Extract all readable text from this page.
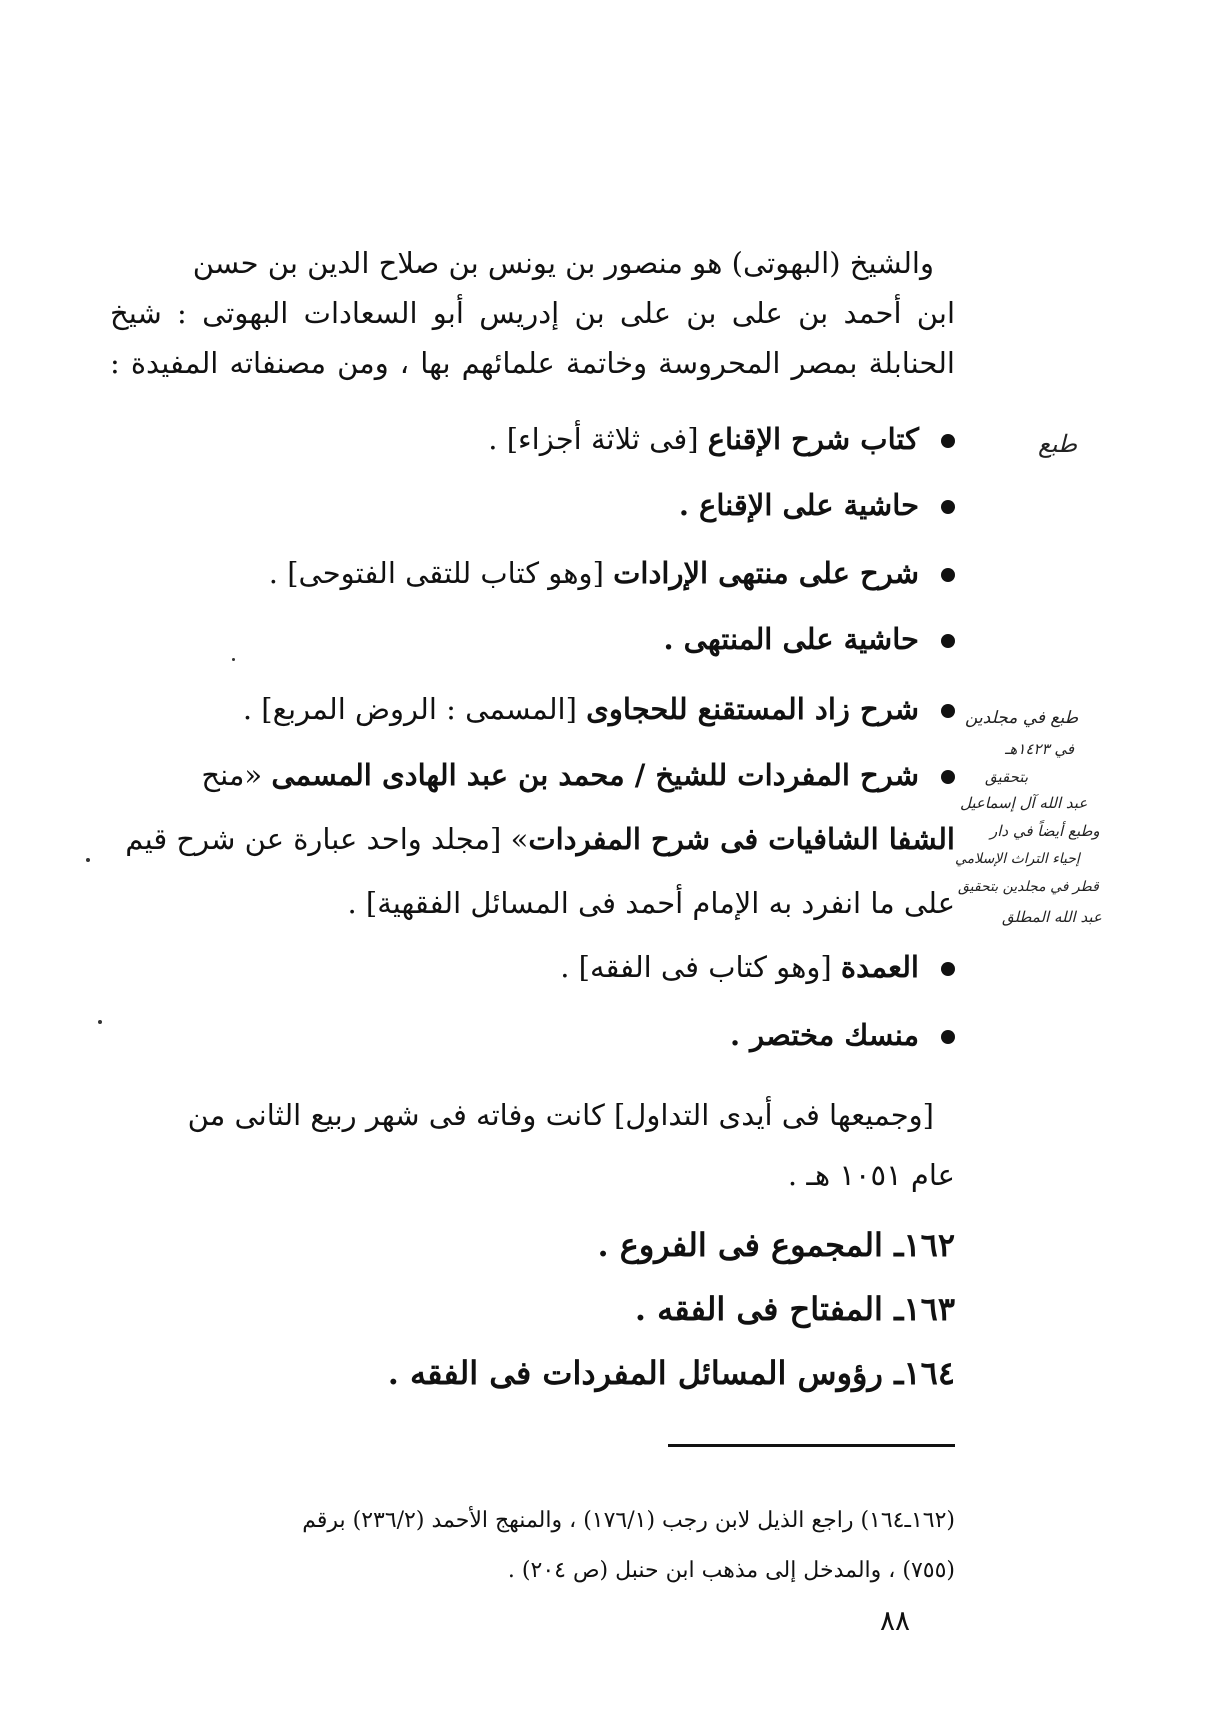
والشيخ (البهوتى) هو منصور بن يونس بن صلاح الدين بن حسن
ابن أحمد بن على بن على بن إدريس أبو السعادات البهوتى : شيخ
الحنابلة بمصر المحروسة وخاتمة علمائهم بها ، ومن مصنفاته المفيدة :
كتاب شرح الإقناع [فى ثلاثة أجزاء] .
حاشية على الإقناع .
شرح على منتهى الإرادات [وهو كتاب للتقى الفتوحى] .
حاشية على المنتهى .
شرح زاد المستقنع للحجاوى [المسمى : الروض المربع] .
شرح المفردات للشيخ / محمد بن عبد الهادى المسمى «منح
الشفا الشافيات فى شرح المفردات» [مجلد واحد عبارة عن شرح قيم
على ما انفرد به الإمام أحمد فى المسائل الفقهية] .
العمدة [وهو كتاب فى الفقه] .
منسك مختصر .
[وجميعها فى أيدى التداول] كانت وفاته فى شهر ربيع الثانى من
عام ١٠٥١ هـ .
١٦٢ـ المجموع فى الفروع .
١٦٣ـ المفتاح فى الفقه .
١٦٤ـ رؤوس المسائل المفردات فى الفقه .
(١٦٢ـ١٦٤) راجع الذيل لابن رجب (١٧٦/١) ، والمنهج الأحمد (٢٣٦/٢) برقم
(٧٥٥) ، والمدخل إلى مذهب ابن حنبل (ص ٢٠٤) .
٨٨
طبع
طبع في مجلدين
في ١٤٢٣هـ
بتحقيق
عبد الله آل إسماعيل
وطبع أيضاً في دار
إحياء التراث الإسلامي
قطر في مجلدين بتحقيق
عبد الله المطلق
